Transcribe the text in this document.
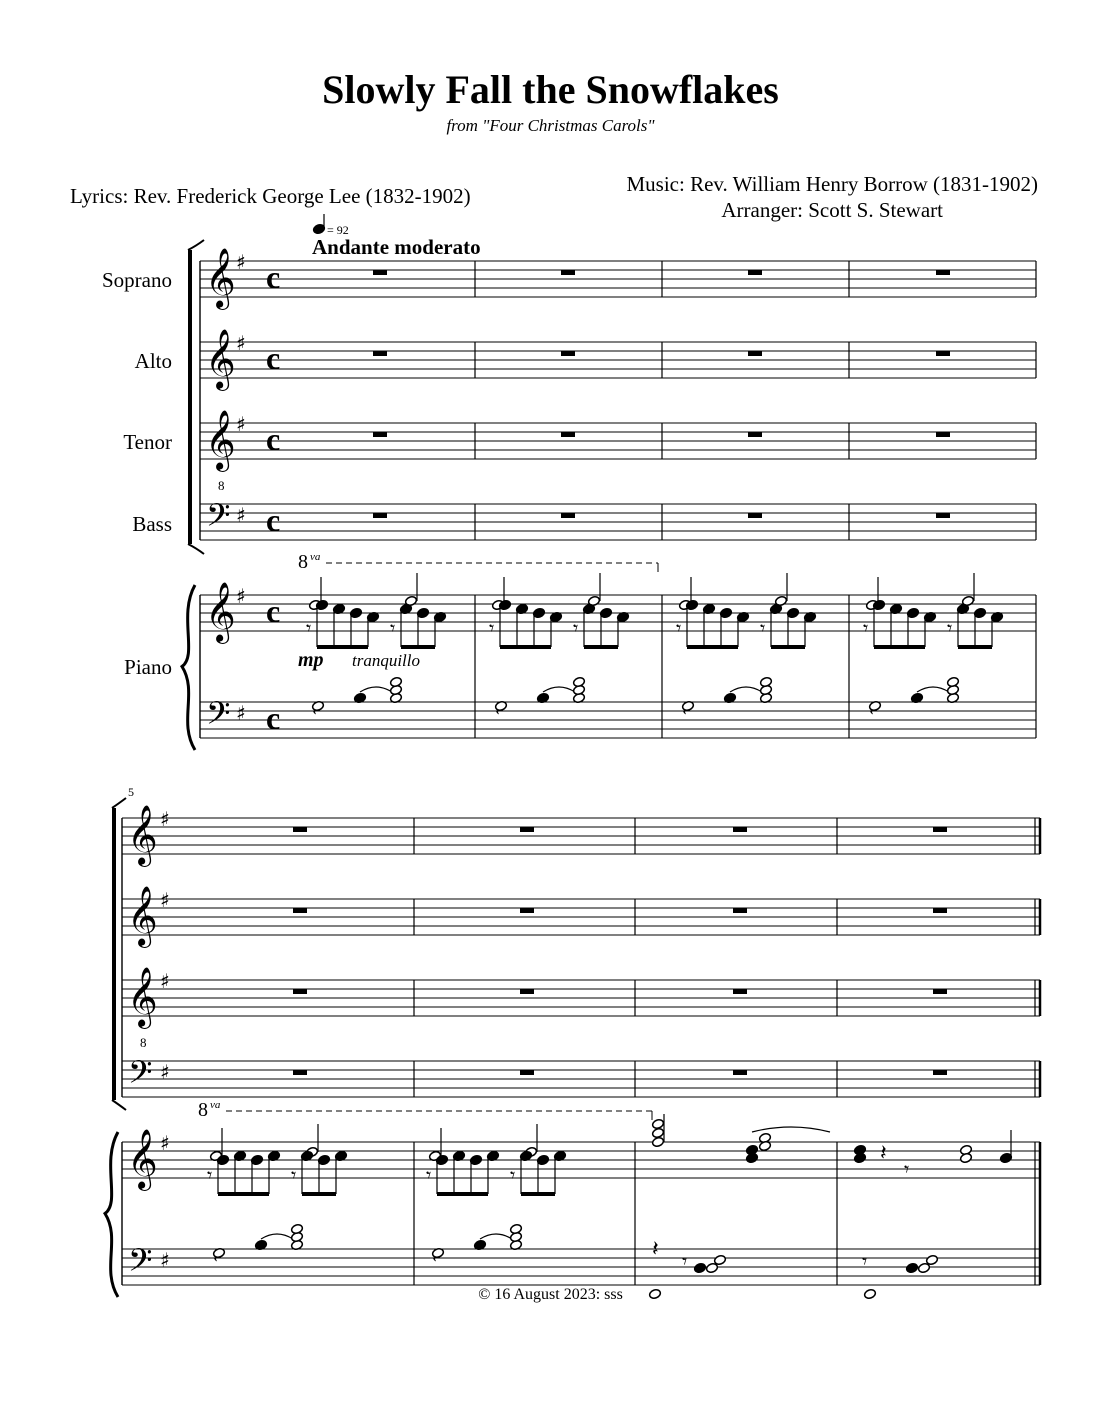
Slowly Fall the Snowflakes
from "Four Christmas Carols"
Lyrics: Rev. Frederick George Lee (1832-1902)	Music: Rev. William Henry Borrow (1831-1902)
Arranger: Scott S. Stewart
Andante moderato
Soprano
Alto
Tenor
Bass
Piano
© 16 August 2023: sss
𝄞 ♯ c
𝄞 ♯ c
𝄞 ♯ c
𝄢 ♯ c
8
𝄞
𝄢
♯
♯
c
c
= 92
𝄾	𝄾	𝄾	𝄾	𝄾	𝄾	𝄾	𝄾
mp tranquillo
8 va
5
𝄞 ♯
𝄞 ♯
𝄞 ♯
𝄢 ♯
8
𝄞
𝄢
♯
♯
𝄾	𝄾	𝄾	𝄾
𝄽
𝄾
𝄽 𝄾	𝄾
8 va
